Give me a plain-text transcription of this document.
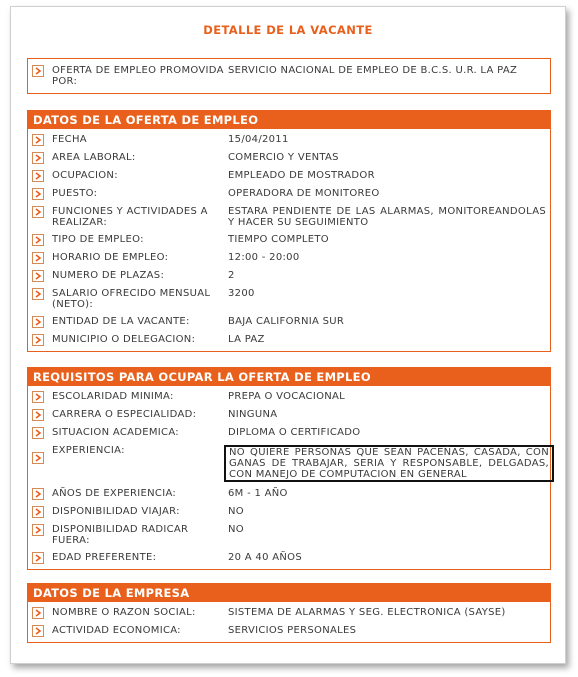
DETALLE DE LA VACANTE
OFERTA DE EMPLEO PROMOVIDA POR:
SERVICIO NACIONAL DE EMPLEO DE B.C.S. U.R. LA PAZ
DATOS DE LA OFERTA DE EMPLEO
FECHA	15/04/2011
AREA LABORAL:	COMERCIO Y VENTAS
OCUPACION:	EMPLEADO DE MOSTRADOR
PUESTO:	OPERADORA DE MONITOREO
FUNCIONES Y ACTIVIDADES A REALIZAR:
ESTARA PENDIENTE DE LAS ALARMAS, MONITOREANDOLAS Y HACER SU SEGUIMIENTO
TIPO DE EMPLEO:	TIEMPO COMPLETO
HORARIO DE EMPLEO:	12:00 - 20:00
NUMERO DE PLAZAS:	2
SALARIO OFRECIDO MENSUAL (NETO):
3200
ENTIDAD DE LA VACANTE:	BAJA CALIFORNIA SUR
MUNICIPIO O DELEGACION:	LA PAZ
REQUISITOS PARA OCUPAR LA OFERTA DE EMPLEO
ESCOLARIDAD MINIMA:	PREPA O VOCACIONAL
CARRERA O ESPECIALIDAD:	NINGUNA
SITUACION ACADEMICA:	DIPLOMA O CERTIFICADO
EXPERIENCIA:	NO QUIERE PERSONAS QUE SEAN PACEÑAS, CASADA, CON GANAS DE TRABAJAR, SERIA Y RESPONSABLE, DELGADAS, CON MANEJO DE COMPUTACION EN GENERAL
AÑOS DE EXPERIENCIA:	6M - 1 AÑO
DISPONIBILIDAD VIAJAR:	NO
DISPONIBILIDAD RADICAR FUERA:
NO
EDAD PREFERENTE:	20 A 40 AÑOS
DATOS DE LA EMPRESA
NOMBRE O RAZON SOCIAL:	SISTEMA DE ALARMAS Y SEG. ELECTRONICA (SAYSE)
ACTIVIDAD ECONOMICA:	SERVICIOS PERSONALES
